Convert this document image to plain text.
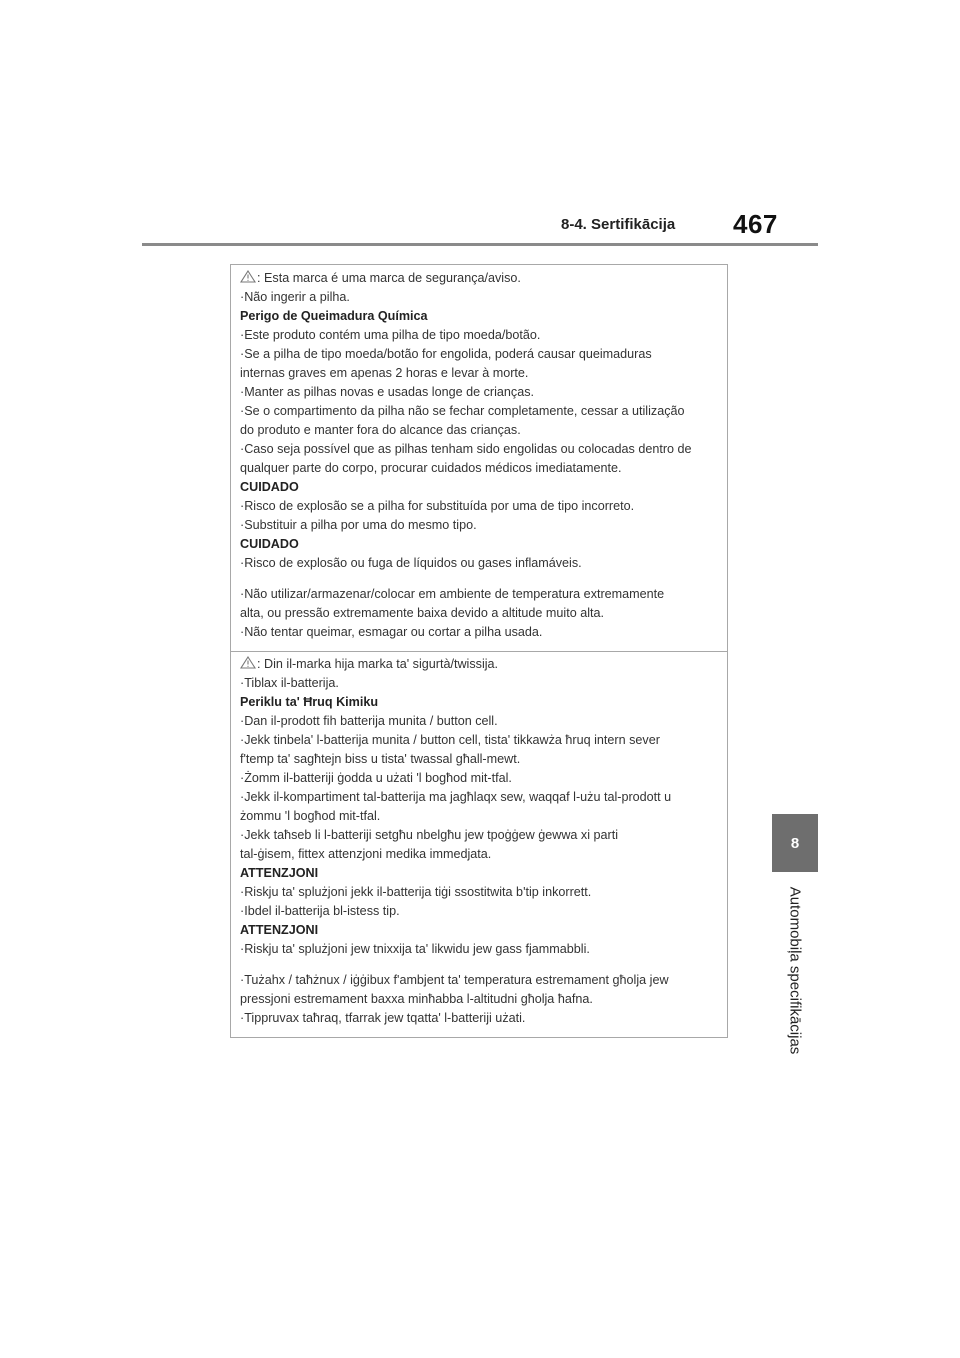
8-4. Sertifikācija 467
8
Automobiļa specifikācijas
: Esta marca é uma marca de segurança/aviso.
·Não ingerir a pilha.
Perigo de Queimadura Química
·Este produto contém uma pilha de tipo moeda/botão.
·Se a pilha de tipo moeda/botão for engolida, poderá causar queimaduras
internas graves em apenas 2 horas e levar à morte.
·Manter as pilhas novas e usadas longe de crianças.
·Se o compartimento da pilha não se fechar completamente, cessar a utilização
do produto e manter fora do alcance das crianças.
·Caso seja possível que as pilhas tenham sido engolidas ou colocadas dentro de
qualquer parte do corpo, procurar cuidados médicos imediatamente.
CUIDADO
·Risco de explosão se a pilha for substituída por uma de tipo incorreto.
·Substituir a pilha por uma do mesmo tipo.
CUIDADO
·Risco de explosão ou fuga de líquidos ou gases inflamáveis.
·Não utilizar/armazenar/colocar em ambiente de temperatura extremamente
alta, ou pressão extremamente baixa devido a altitude muito alta.
·Não tentar queimar, esmagar ou cortar a pilha usada.
: Din il-marka hija marka ta' sigurtà/twissija.
·Tiblax il-batterija.
Periklu ta' Ħruq Kimiku
·Dan il-prodott fih batterija munita / button cell.
·Jekk tinbela' l-batterija munita / button cell, tista' tikkawża ħruq intern sever
f'temp ta' sagħtejn biss u tista' twassal għall-mewt.
·Żomm il-batteriji ġodda u użati 'l bogħod mit-tfal.
·Jekk il-kompartiment tal-batterija ma jagħlaqx sew, waqqaf l-użu tal-prodott u
żommu 'l bogħod mit-tfal.
·Jekk taħseb li l-batteriji setgħu nbelgħu jew tpoġġew ġewwa xi parti
tal-ġisem, fittex attenzjoni medika immedjata.
ATTENZJONI
·Riskju ta' splużjoni jekk il-batterija tiġi ssostitwita b'tip inkorrett.
·Ibdel il-batterija bl-istess tip.
ATTENZJONI
·Riskju ta' splużjoni jew tnixxija ta' likwidu jew gass fjammabbli.
·Tużahx / taħżnux / iġġibux f'ambjent ta' temperatura estremament għolja jew
pressjoni estremament baxxa minħabba l-altitudni għolja ħafna.
·Tippruvax taħraq, tfarrak jew tqatta' l-batteriji użati.
